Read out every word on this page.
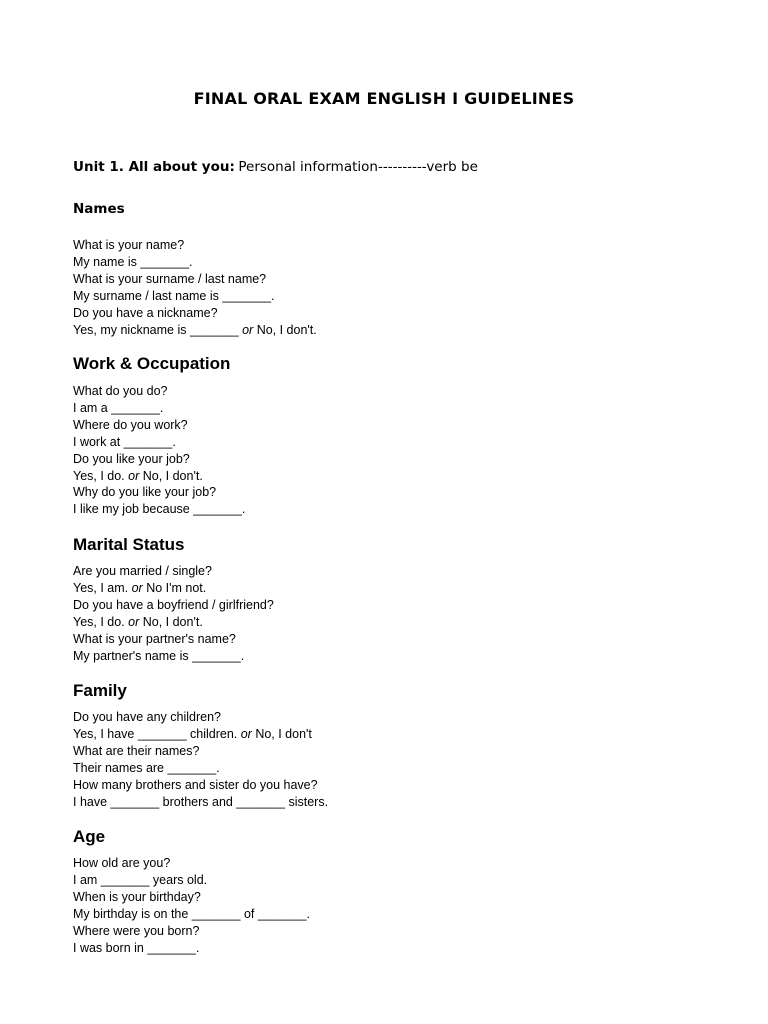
FINAL ORAL EXAM ENGLISH I GUIDELINES
Unit 1. All about you: Personal information----------verb be
Names
What is your name?
My name is _______.
What is your surname / last name?
My surname / last name is _______.
Do you have a nickname?
Yes, my nickname is _______ or No, I don't.
Work & Occupation
What do you do?
I am a _______.
Where do you work?
I work at _______.
Do you like your job?
Yes, I do. or No, I don't.
Why do you like your job?
I like my job because _______.
Marital Status
Are you married / single?
Yes, I am. or No I'm not.
Do you have a boyfriend / girlfriend?
Yes, I do. or No, I don't.
What is your partner's name?
My partner's name is _______.
Family
Do you have any children?
Yes, I have _______ children. or No, I don't
What are their names?
Their names are _______.
How many brothers and sister do you have?
I have _______ brothers and _______ sisters.
Age
How old are you?
I am _______ years old.
When is your birthday?
My birthday is on the _______ of _______.
Where were you born?
I was born in _______.
